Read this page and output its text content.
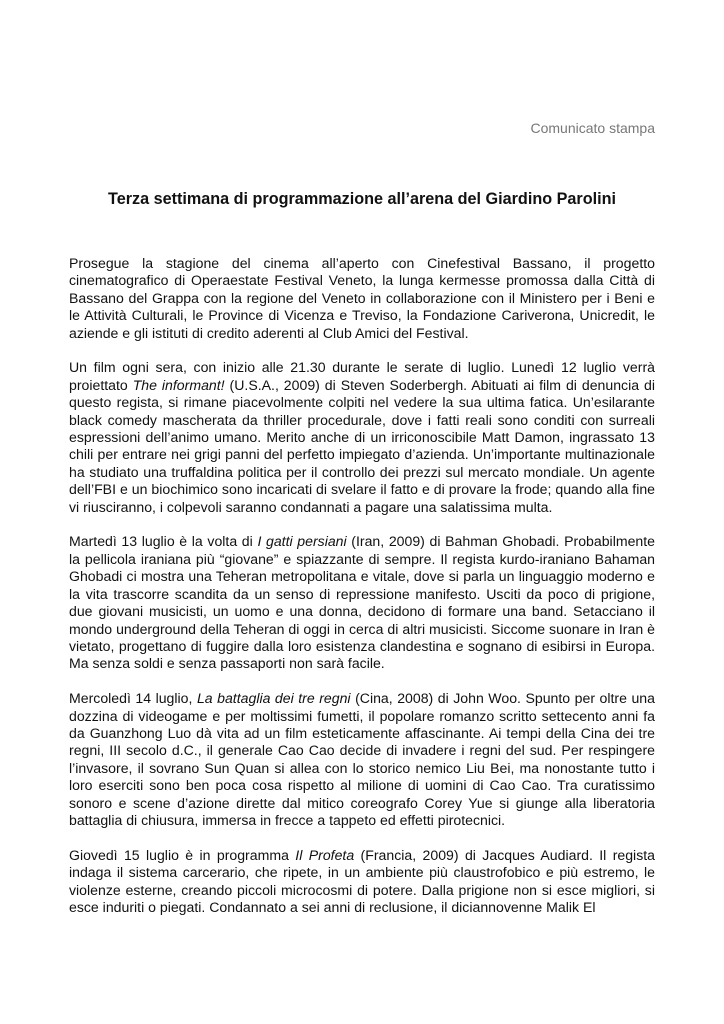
Comunicato stampa
Terza settimana di programmazione all’arena del Giardino Parolini

Prosegue la stagione del cinema all’aperto con Cinefestival Bassano, il progetto cinematografico di Operaestate Festival Veneto, la lunga kermesse promossa dalla Città di Bassano del Grappa con la regione del Veneto in collaborazione con il Ministero per i Beni e le Attività Culturali, le Province di Vicenza e Treviso, la Fondazione Cariverona, Unicredit, le aziende e gli istituti di credito aderenti al Club Amici del Festival.

Un film ogni sera, con inizio alle 21.30 durante le serate di luglio. Lunedì 12 luglio verrà proiettato The informant! (U.S.A., 2009) di Steven Soderbergh. Abituati ai film di denuncia di questo regista, si rimane piacevolmente colpiti nel vedere la sua ultima fatica. Un’esilarante black comedy mascherata da thriller procedurale, dove i fatti reali sono conditi con surreali espressioni dell’animo umano. Merito anche di un irriconoscibile Matt Damon, ingrassato 13 chili per entrare nei grigi panni del perfetto impiegato d’azienda. Un’importante multinazionale ha studiato una truffaldina politica per il controllo dei prezzi sul mercato mondiale. Un agente dell’FBI e un biochimico sono incaricati di svelare il fatto e di provare la frode; quando alla fine vi riusciranno, i colpevoli saranno condannati a pagare una salatissima multa.

Martedì 13 luglio è la volta di I gatti persiani (Iran, 2009) di Bahman Ghobadi. Probabilmente la pellicola iraniana più “giovane” e spiazzante di sempre. Il regista kurdo-iraniano Bahaman Ghobadi ci mostra una Teheran metropolitana e vitale, dove si parla un linguaggio moderno e la vita trascorre scandita da un senso di repressione manifesto. Usciti da poco di prigione, due giovani musicisti, un uomo e una donna, decidono di formare una band. Setacciano il mondo underground della Teheran di oggi in cerca di altri musicisti. Siccome suonare in Iran è vietato, progettano di fuggire dalla loro esistenza clandestina e sognano di esibirsi in Europa. Ma senza soldi e senza passaporti non sarà facile.

Mercoledì 14 luglio, La battaglia dei tre regni (Cina, 2008) di John Woo. Spunto per oltre una dozzina di videogame e per moltissimi fumetti, il popolare romanzo scritto settecento anni fa da Guanzhong Luo dà vita ad un film esteticamente affascinante. Ai tempi della Cina dei tre regni, III secolo d.C., il generale Cao Cao decide di invadere i regni del sud. Per respingere l’invasore, il sovrano Sun Quan si allea con lo storico nemico Liu Bei, ma nonostante tutto i loro eserciti sono ben poca cosa rispetto al milione di uomini di Cao Cao. Tra curatissimo sonoro e scene d’azione dirette dal mitico coreografo Corey Yue si giunge alla liberatoria battaglia di chiusura, immersa in frecce a tappeto ed effetti pirotecnici.

Giovedì 15 luglio è in programma Il Profeta (Francia, 2009) di Jacques Audiard. Il regista indaga il sistema carcerario, che ripete, in un ambiente più claustrofobico e più estremo, le violenze esterne, creando piccoli microcosmi di potere. Dalla prigione non si esce migliori, si esce induriti o piegati. Condannato a sei anni di reclusione, il diciannovenne Malik El
